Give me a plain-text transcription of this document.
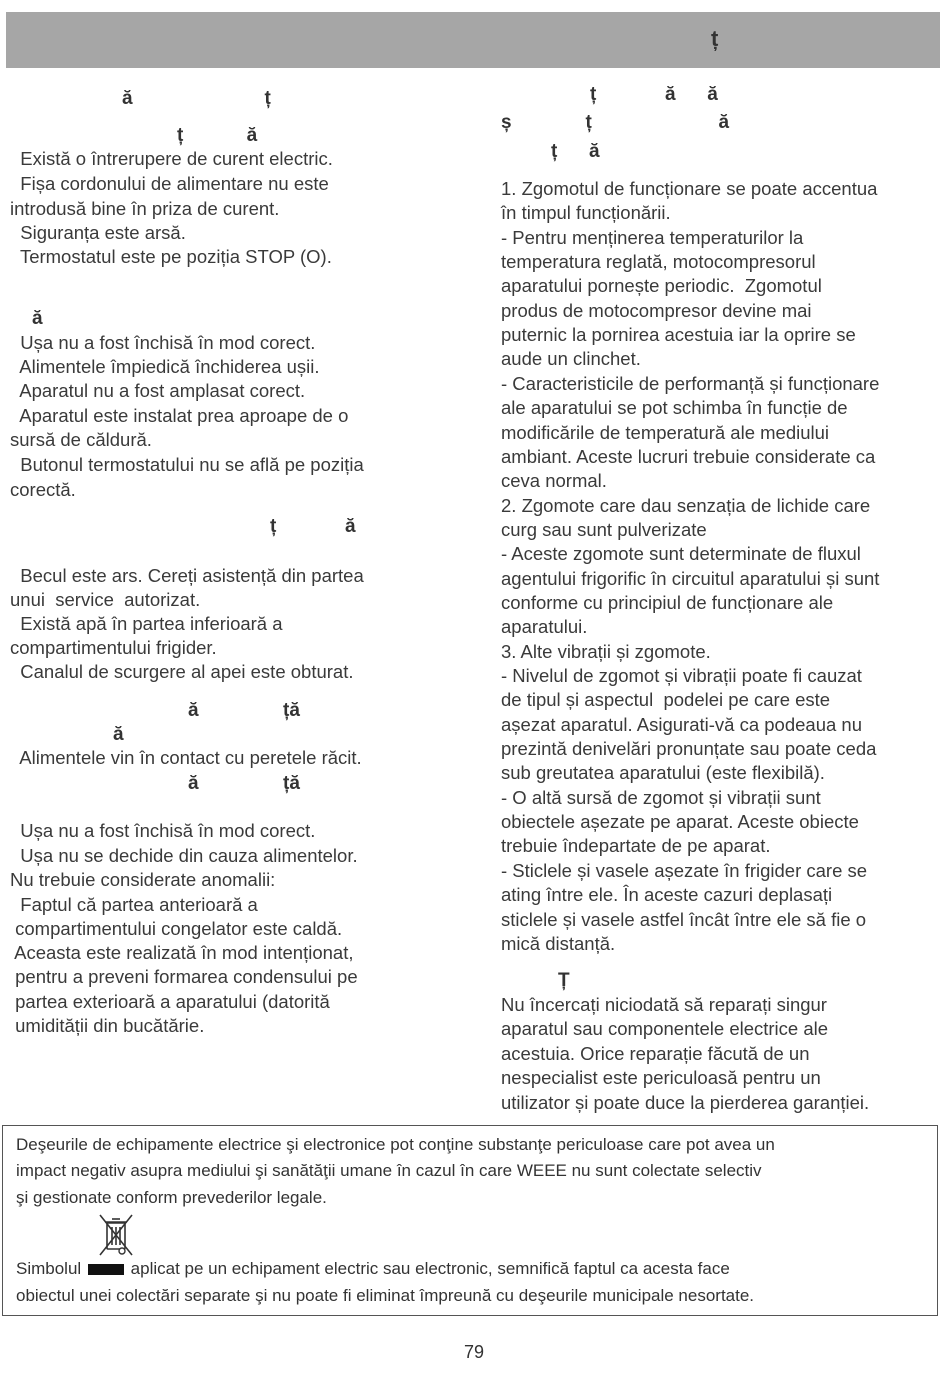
ț
ă                         ț
ț            ă
Există o întrerupere de curent electric.
Fișa cordonului de alimentare nu este
introdusă bine în priza de curent.
Siguranța este arsă.
Termostatul este pe poziția STOP (O).
ă
Ușa nu a fost închisă în mod corect.
Alimentele împiedică închiderea ușii.
Aparatul nu a fost amplasat corect.
Aparatul este instalat prea aproape de o
sursă de căldură.
Butonul termostatului nu se află pe poziția
corectă.
ț             ă
Becul este ars. Cereți asistență din partea
unui  service  autorizat.
Există apă în partea inferioară a
compartimentului frigider.
Canalul de scurgere al apei este obturat.
ă                ță
ă
Alimentele vin în contact cu peretele răcit.
ă                ță
Ușa nu a fost închisă în mod corect.
Ușa nu se dechide din cauza alimentelor.
Nu trebuie considerate anomalii:
Faptul că partea anterioară a
compartimentului congelator este caldă.
Aceasta este realizată în mod intenționat,
pentru a preveni formarea condensului pe
partea exterioară a aparatului (datorită
umidității din bucătărie.
ț             ă      ă
ș              ț                        ă
ț      ă
1. Zgomotul de funcționare se poate accentua
în timpul funcționării.
- Pentru menținerea temperaturilor la
temperatura reglată, motocompresorul
aparatului pornește periodic.  Zgomotul
produs de motocompresor devine mai
puternic la pornirea acestuia iar la oprire se
aude un clinchet.
- Caracteristicile de performanță și funcționare
ale aparatului se pot schimba în funcție de
modificările de temperatură ale mediului
ambiant. Aceste lucruri trebuie considerate ca
ceva normal.
2. Zgomote care dau senzația de lichide care
curg sau sunt pulverizate
- Aceste zgomote sunt determinate de fluxul
agentului frigorific în circuitul aparatului și sunt
conforme cu principiul de funcționare ale
aparatului.
3. Alte vibrații și zgomote.
- Nivelul de zgomot și vibrații poate fi cauzat
de tipul și aspectul  podelei pe care este
așezat aparatul. Asigurati-vă ca podeaua nu
prezintă denivelări pronunțate sau poate ceda
sub greutatea aparatului (este flexibilă).
- O altă sursă de zgomot și vibrații sunt
obiectele așezate pe aparat. Aceste obiecte
trebuie îndepartate de pe aparat.
- Sticlele și vasele așezate în frigider care se
ating între ele. În aceste cazuri deplasați
sticlele și vasele astfel încât între ele să fie o
mică distanță.
Ț
Nu încercați niciodată să reparați singur
aparatul sau componentele electrice ale
acestuia. Orice reparație făcută de un
nespecialist este periculoasă pentru un
utilizator și poate duce la pierderea garanției.

Deşeurile de echipamente electrice şi electronice pot conţine substanţe periculoase care pot avea un

impact negativ asupra mediului şi sanătăţii umane în cazul în care WEEE nu sunt colectate selectiv

şi gestionate conform prevederilor legale.

Simbolul	aplicat pe un echipament electric sau electronic, semnifică faptul ca acesta face

obiectul unei colectări separate şi nu poate fi eliminat împreună cu deşeurile municipale nesortate.

79
